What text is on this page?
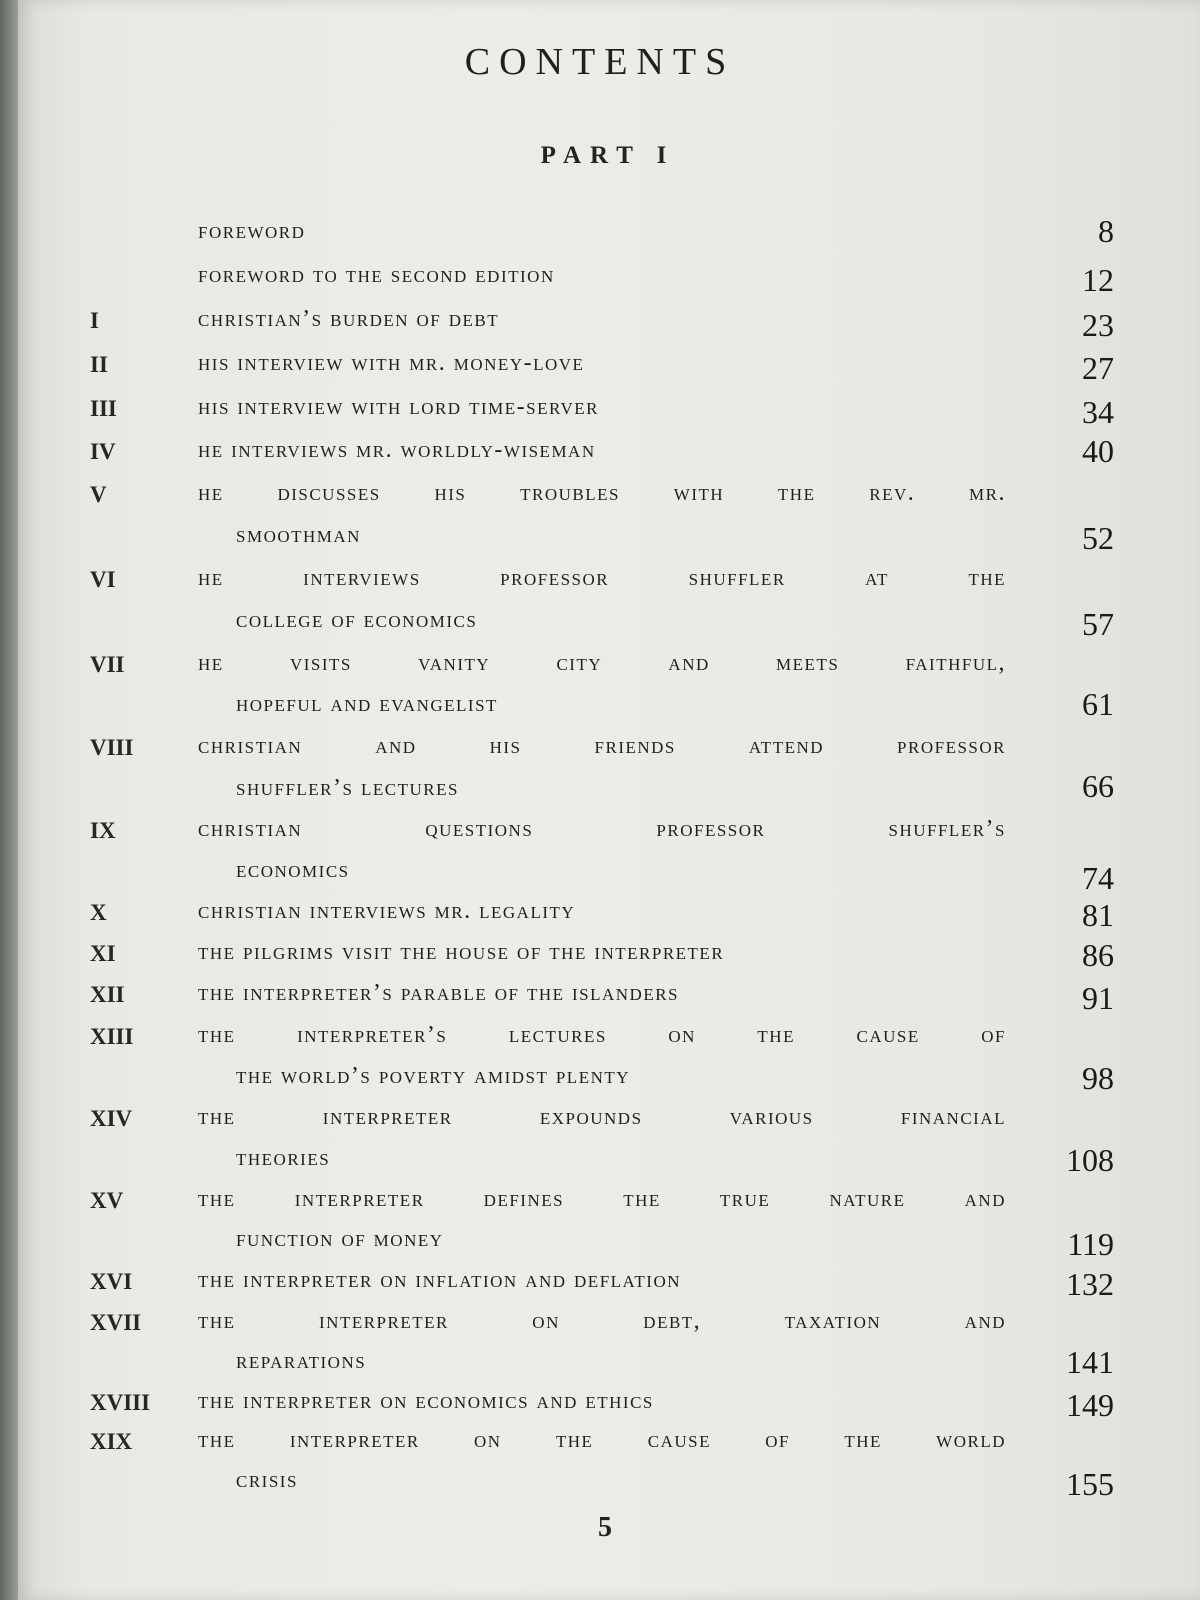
CONTENTS
PART I
foreword	8
foreword to the second edition	12
I	christian’s burden of debt	23
II	his interview with mr. money-love	27
III	his interview with lord time-server	34
IV	he interviews mr. worldly-wiseman	40
V	he discusses his troubles with the rev. mr.
smoothman	52
VI	he interviews professor shuffler at the
college of economics	57
VII	he visits vanity city and meets faithful,
hopeful and evangelist	61
VIII	christian and his friends attend professor
shuffler’s lectures	66
IX	christian questions professor shuffler’s
economics	74
X	christian interviews mr. legality	81
XI	the pilgrims visit the house of the interpreter	86
XII	the interpreter’s parable of the islanders	91
XIII	the interpreter’s lectures on the cause of
the world’s poverty amidst plenty	98
XIV	the interpreter expounds various financial
theories	108
XV	the interpreter defines the true nature and
function of money	119
XVI	the interpreter on inflation and deflation	132
XVII the interpreter on debt, taxation and
reparations	141
XVIII the interpreter on economics and ethics	149
XIX	the interpreter on the cause of the world
crisis	155
5
